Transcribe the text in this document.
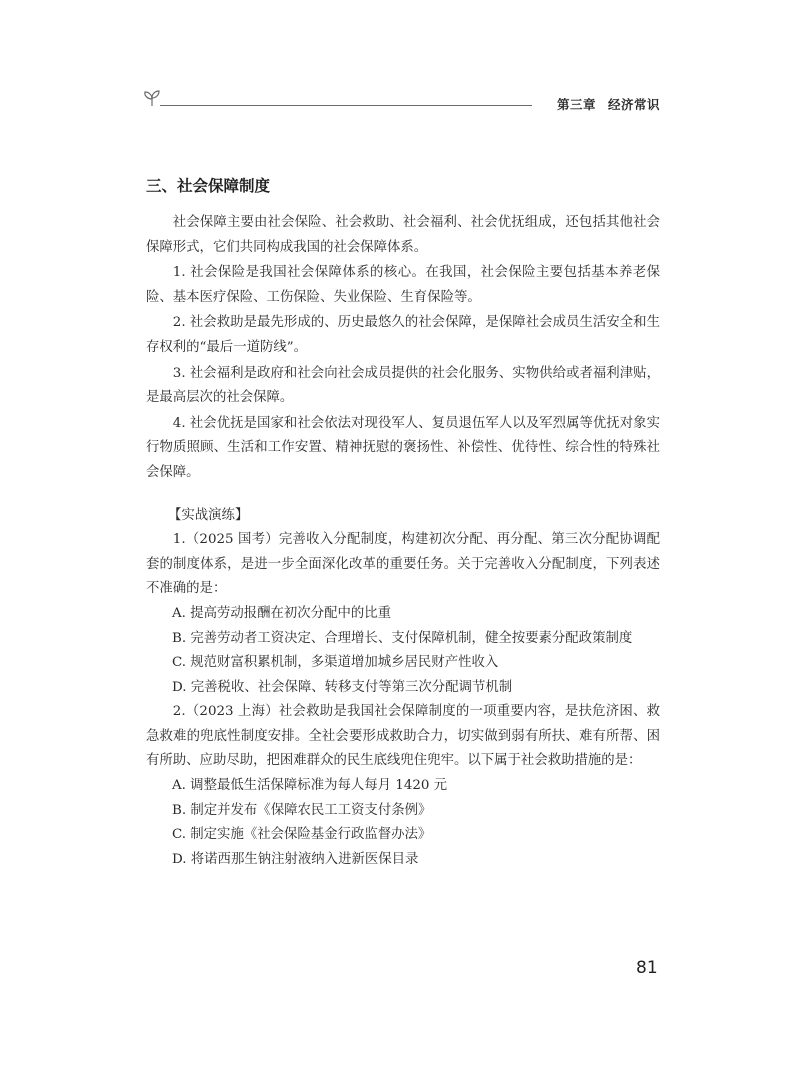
第三章 经济常识
三、社会保障制度

社会保障主要由社会保险、社会救助、社会福利、社会优抚组成，还包括其他社会保障形式，它们共同构成我国的社会保障体系。

1. 社会保险是我国社会保障体系的核心。在我国，社会保险主要包括基本养老保险、基本医疗保险、工伤保险、失业保险、生育保险等。

2. 社会救助是最先形成的、历史最悠久的社会保障，是保障社会成员生活安全和生存权利的“最后一道防线”。

3. 社会福利是政府和社会向社会成员提供的社会化服务、实物供给或者福利津贴，是最高层次的社会保障。

4. 社会优抚是国家和社会依法对现役军人、复员退伍军人以及军烈属等优抚对象实行物质照顾、生活和工作安置、精神抚慰的褒扬性、补偿性、优待性、综合性的特殊社会保障。

【实战演练】

1.（2025 国考）完善收入分配制度，构建初次分配、再分配、第三次分配协调配套的制度体系，是进一步全面深化改革的重要任务。关于完善收入分配制度，下列表述不准确的是：

A. 提高劳动报酬在初次分配中的比重
B. 完善劳动者工资决定、合理增长、支付保障机制，健全按要素分配政策制度
C. 规范财富积累机制，多渠道增加城乡居民财产性收入
D. 完善税收、社会保障、转移支付等第三次分配调节机制

2.（2023 上海）社会救助是我国社会保障制度的一项重要内容，是扶危济困、救急救难的兜底性制度安排。全社会要形成救助合力，切实做到弱有所扶、难有所帮、困有所助、应助尽助，把困难群众的民生底线兜住兜牢。以下属于社会救助措施的是：

A. 调整最低生活保障标准为每人每月 1420 元
B. 制定并发布《保障农民工工资支付条例》
C. 制定实施《社会保险基金行政监督办法》
D. 将诺西那生钠注射液纳入进新医保目录
81
